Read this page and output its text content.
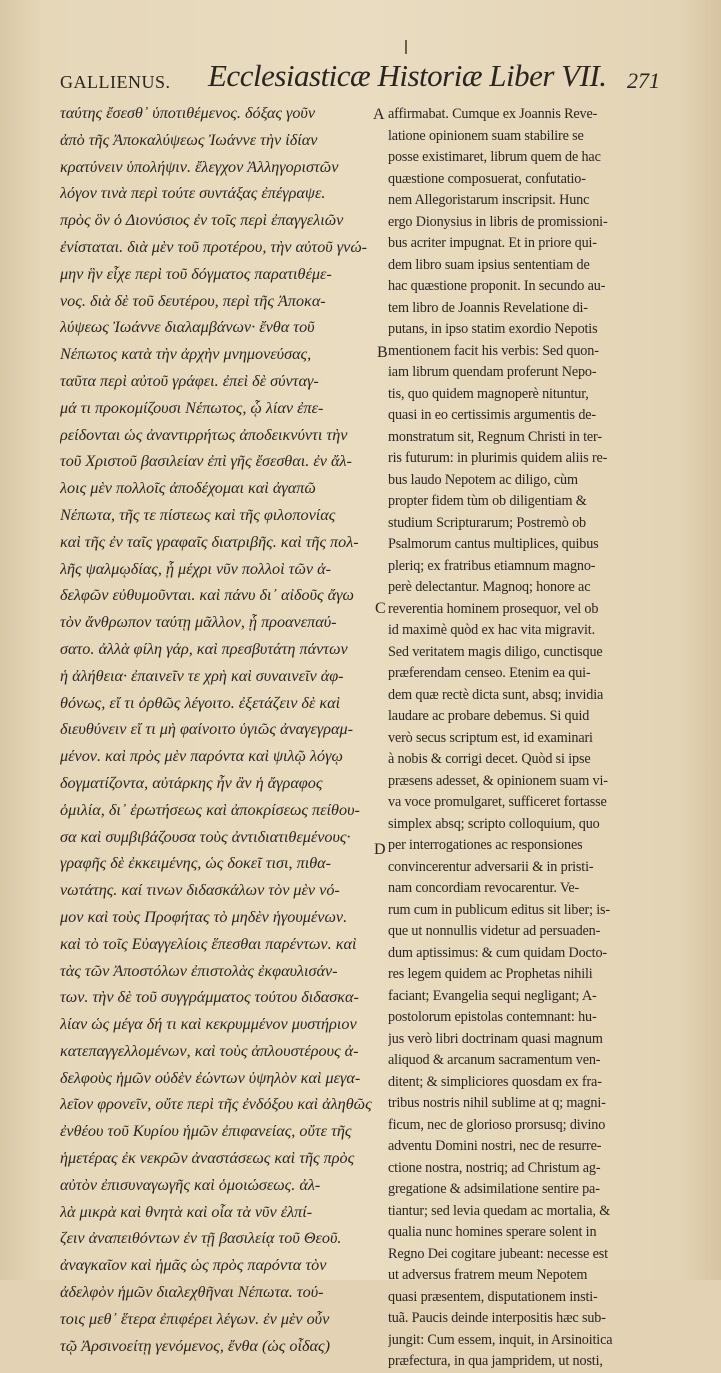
GALLIENUS. Ecclesiasticæ Historiæ Liber VII. 271
ταύτης ἔσεσθ᾽ ὑποτιθέμενος. δόξας γοῦν
ἀπὸ τῆς Ἀποκαλύψεως Ἰωάννε τὴν ἰδίαν
κρατύνειν ὑπολήψιν. ἔλεγχον Ἀλληγοριστῶν
λόγον τινὰ περὶ τούτε συντάξας ἐπέγραψε.
πρὸς ὃν ὁ Διονύσιος ἐν τοῖς περὶ ἐπαγγελιῶν
ἐνίσταται. διὰ μὲν τοῦ προτέρου, τὴν αὐτοῦ γνώ-
μην ἣν εἶχε περὶ τοῦ δόγματος παρατιθέμε-
νος. διὰ δὲ τοῦ δευτέρου, περὶ τῆς Ἀποκα-
λύψεως Ἰωάννε διαλαμβάνων· ἔνθα τοῦ
Νέπωτος κατὰ τὴν ἀρχὴν μνημονεύσας,
ταῦτα περὶ αὐτοῦ γράφει. ἐπεὶ δὲ σύνταγ-
μά τι προκομίζουσι Νέπωτος, ᾧ λίαν ἐπε-
ρείδονται ὡς ἀναντιρρήτως ἀποδεικνύντι τὴν
τοῦ Χριστοῦ βασιλείαν ἐπὶ γῆς ἔσεσθαι. ἐν ἄλ-
λοις μὲν πολλοῖς ἀποδέχομαι καὶ ἀγαπῶ
Νέπωτα, τῆς τε πίστεως καὶ τῆς φιλοπονίας
καὶ τῆς ἐν ταῖς γραφαῖς διατριβῆς. καὶ τῆς πολ-
λῆς ψαλμῳδίας, ᾗ μέχρι νῦν πολλοὶ τῶν ἀ-
δελφῶν εὐθυμοῦνται. καὶ πάνυ δι᾽ αἰδοῦς ἄγω
τὸν ἄνθρωπον ταύτῃ μᾶλλον, ᾗ προανεπαύ-
σατο. ἀλλὰ φίλη γάρ, καὶ πρεσβυτάτη πάντων
ἡ ἀλήθεια· ἐπαινεῖν τε χρὴ καὶ συναινεῖν ἀφ-
θόνως, εἴ τι ὀρθῶς λέγοιτο. ἐξετάζειν δὲ καὶ
διευθύνειν εἴ τι μὴ φαίνοιτο ὑγιῶς ἀναγεγραμ-
μένον. καὶ πρὸς μὲν παρόντα καὶ ψιλῷ λόγῳ
δογματίζοντα, αὐτάρκης ἦν ἂν ἡ ἄγραφος
ὁμιλία, δι᾽ ἐρωτήσεως καὶ ἀποκρίσεως πείθου-
σα καὶ συμβιβάζουσα τοὺς ἀντιδιατιθεμένους·
γραφῆς δὲ ἐκκειμένης, ὡς δοκεῖ τισι, πιθα-
νωτάτης. καί τινων διδασκάλων τὸν μὲν νό-
μον καὶ τοὺς Προφήτας τὸ μηδὲν ἡγουμένων.
καὶ τὸ τοῖς Εὐαγγελίοις ἕπεσθαι παρέντων. καὶ
τὰς τῶν Ἀποστόλων ἐπιστολὰς ἐκφαυλισάν-
των. τὴν δὲ τοῦ συγγράμματος τούτου διδασκα-
λίαν ὡς μέγα δή τι καὶ κεκρυμμένον μυστήριον
κατεπαγγελλομένων, καὶ τοὺς ἁπλουστέρους ἀ-
δελφοὺς ἡμῶν οὐδὲν ἐώντων ὑψηλὸν καὶ μεγα-
λεῖον φρονεῖν, οὔτε περὶ τῆς ἐνδόξου καὶ ἀληθῶς
ἐνθέου τοῦ Κυρίου ἡμῶν ἐπιφανείας, οὔτε τῆς
ἡμετέρας ἐκ νεκρῶν ἀναστάσεως καὶ τῆς πρὸς
αὐτὸν ἐπισυναγωγῆς καὶ ὁμοιώσεως. ἀλ-
λὰ μικρὰ καὶ θνητὰ καὶ οἷα τὰ νῦν ἐλπί-
ζειν ἀναπειθόντων ἐν τῇ βασιλείᾳ τοῦ Θεοῦ.
ἀναγκαῖον καὶ ἡμᾶς ὡς πρὸς παρόντα τὸν
ἀδελφὸν ἡμῶν διαλεχθῆναι Νέπωτα. τού-
τοις μεθ᾽ ἕτερα ἐπιφέρει λέγων. ἐν μὲν οὖν
τῷ Ἀρσινοείτῃ γενόμενος, ἔνθα (ὡς οἶδας)
A
B
C
D
affirmabat. Cumque ex Joannis Reve-
latione opinionem suam stabilire se
posse existimaret, librum quem de hac
quæstione composuerat, confutatio-
nem Allegoristarum inscripsit. Hunc
ergo Dionysius in libris de promissioni-
bus acriter impugnat. Et in priore qui-
dem libro suam ipsius sententiam de
hac quæstione proponit. In secundo au-
tem libro de Joannis Revelatione di-
putans, in ipso statim exordio Nepotis
mentionem facit his verbis: Sed quon-
iam librum quendam proferunt Nepo-
tis, quo quidem magnoperè nituntur,
quasi in eo certissimis argumentis de-
monstratum sit, Regnum Christi in ter-
ris futurum: in plurimis quidem aliis re-
bus laudo Nepotem ac diligo, cùm
propter fidem tùm ob diligentiam &
studium Scripturarum; Postremò ob
Psalmorum cantus multiplices, quibus
pleriq; ex fratribus etiamnum magno-
perè delectantur. Magnoq; honore ac
reverentia hominem prosequor, vel ob
id maximè quòd ex hac vita migravit.
Sed veritatem magis diligo, cunctisque
præferendam censeo. Etenim ea qui-
dem quæ rectè dicta sunt, absq; invidia
laudare ac probare debemus. Si quid
verò secus scriptum est, id examinari
à nobis & corrigi decet. Quòd si ipse
præsens adesset, & opinionem suam vi-
va voce promulgaret, sufficeret fortasse
simplex absq; scripto colloquium, quo
per interrogationes ac responsiones
convincerentur adversarii & in pristi-
nam concordiam revocarentur. Ve-
rum cum in publicum editus sit liber; is-
que ut nonnullis videtur ad persuaden-
dum aptissimus: & cum quidam Docto-
res legem quidem ac Prophetas nihili
faciant; Evangelia sequi negligant; A-
postolorum epistolas contemnant: hu-
jus verò libri doctrinam quasi magnum
aliquod & arcanum sacramentum ven-
ditent; & simpliciores quosdam ex fra-
tribus nostris nihil sublime at q; magni-
ficum, nec de glorioso prorsusq; divino
adventu Domini nostri, nec de resurre-
ctione nostra, nostriq; ad Christum ag-
gregatione & adsimilatione sentire pa-
tiantur; sed levia quedam ac mortalia, &
qualia nunc homines sperare solent in
Regno Dei cogitare jubeant: necesse est
ut adversus fratrem meum Nepotem
quasi præsentem, disputationem insti-
tuã. Paucis deinde interpositis hæc sub-
jungit: Cum essem, inquit, in Arsinoitica
præfectura, in qua jampridem, ut nosti,
